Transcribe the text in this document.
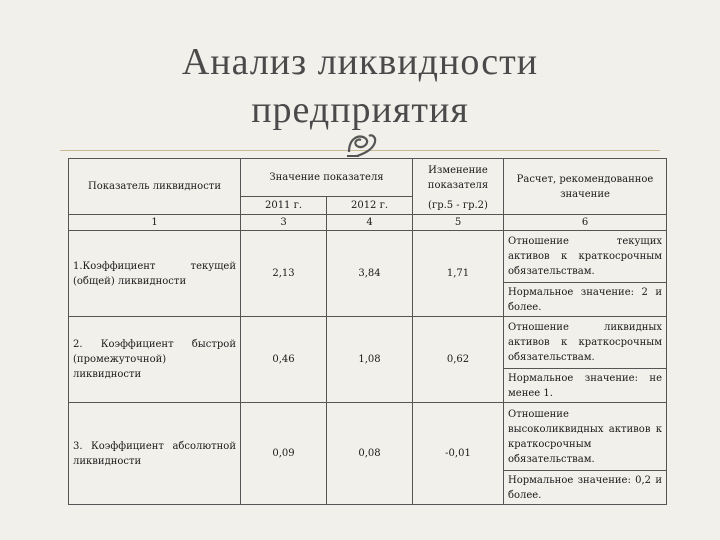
Анализ ликвидности
предприятия
Показатель ликвидности	Значение показателя		Изменение показателя	Расчет, рекомендованное значение
	2011 г.	2012 г.	(гр.5 - гр.2)	
1	3	4	5	6
1.Коэффициент текущей (общей) ликвидности	2,13	3,84	1,71	Отношение текущих активов к краткосрочным обязательствам.
				Нормальное значение: 2 и более.
2. Коэффициент быстрой (промежуточной) ликвидности	0,46	1,08	0,62	Отношение ликвидных активов к краткосрочным обязательствам.
				Нормальное значение: не менее 1.
3. Коэффициент абсолютной ликвидности	0,09	0,08	-0,01	Отношение высоколиквидных активов к краткосрочным обязательствам.
				Нормальное значение: 0,2 и более.
